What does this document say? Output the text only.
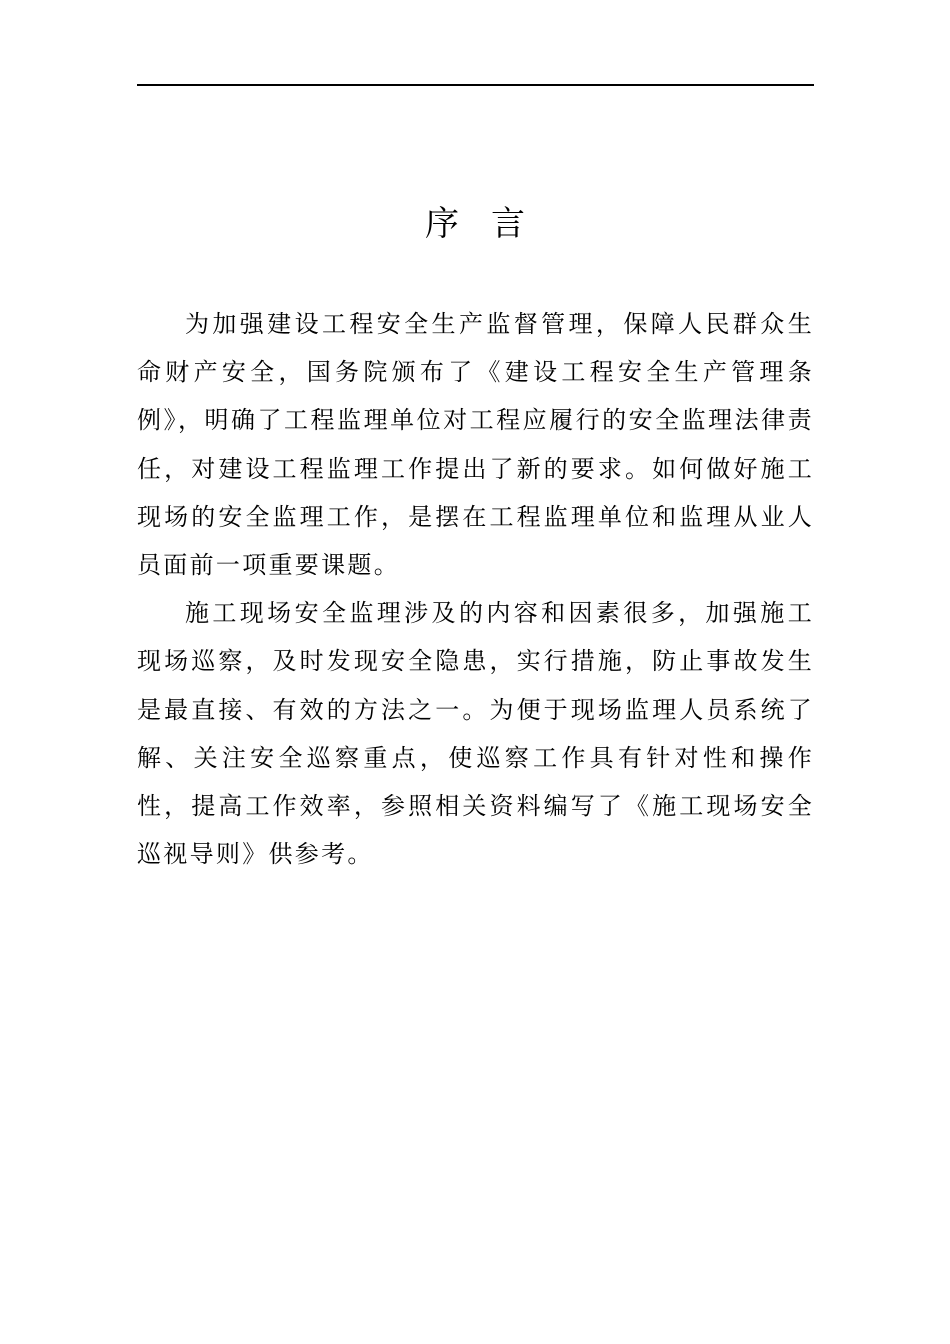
序言

为加强建设工程安全生产监督管理，保障人民群众生命财产安全，国务院颁布了《建设工程安全生产管理条例》，明确了工程监理单位对工程应履行的安全监理法律责任，对建设工程监理工作提出了新的要求。如何做好施工现场的安全监理工作，是摆在工程监理单位和监理从业人员面前一项重要课题。

施工现场安全监理涉及的内容和因素很多，加强施工现场巡察，及时发现安全隐患，实行措施，防止事故发生是最直接、有效的方法之一。为便于现场监理人员系统了解、关注安全巡察重点，使巡察工作具有针对性和操作性，提高工作效率，参照相关资料编写了《施工现场安全巡视导则》供参考。
